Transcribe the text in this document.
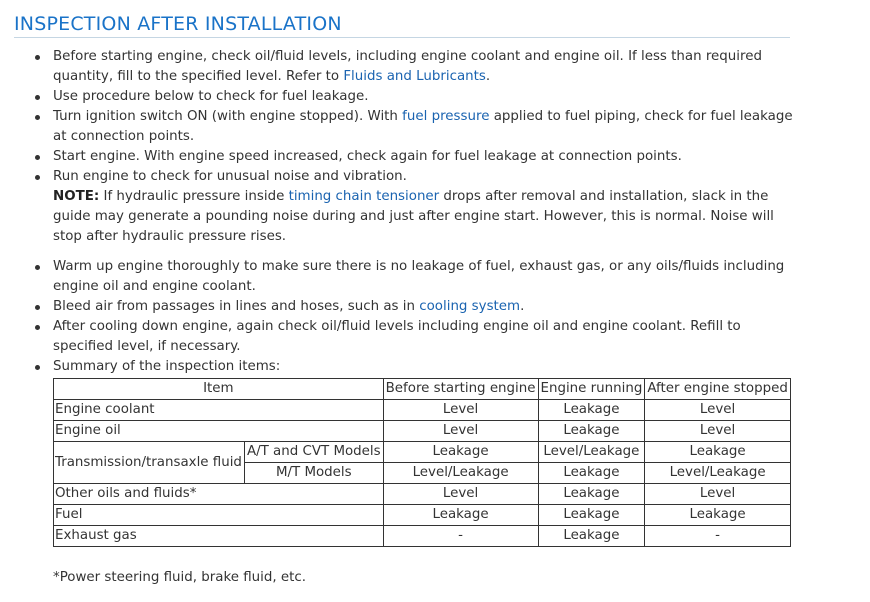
INSPECTION AFTER INSTALLATION
Before starting engine, check oil/fluid levels, including engine coolant and engine oil. If less than required quantity, fill to the specified level. Refer to Fluids and Lubricants.
Use procedure below to check for fuel leakage.
Turn ignition switch ON (with engine stopped). With fuel pressure applied to fuel piping, check for fuel leakage at connection points.
Start engine. With engine speed increased, check again for fuel leakage at connection points.
Run engine to check for unusual noise and vibration.
NOTE: If hydraulic pressure inside timing chain tensioner drops after removal and installation, slack in the guide may generate a pounding noise during and just after engine start. However, this is normal. Noise will stop after hydraulic pressure rises.
Warm up engine thoroughly to make sure there is no leakage of fuel, exhaust gas, or any oils/fluids including engine oil and engine coolant.
Bleed air from passages in lines and hoses, such as in cooling system.
After cooling down engine, again check oil/fluid levels including engine oil and engine coolant. Refill to specified level, if necessary.
Summary of the inspection items:
Item		Before starting engine	Engine running	After engine stopped
Engine coolant		Level	Leakage	Level
Engine oil		Level	Leakage	Level
Transmission/transaxle fluid	A/T and CVT Models	Leakage	Level/Leakage	Leakage
	M/T Models	Level/Leakage	Leakage	Level/Leakage
Other oils and fluids*		Level	Leakage	Level
Fuel		Leakage	Leakage	Leakage
Exhaust gas		-	Leakage	-
*Power steering fluid, brake fluid, etc.
